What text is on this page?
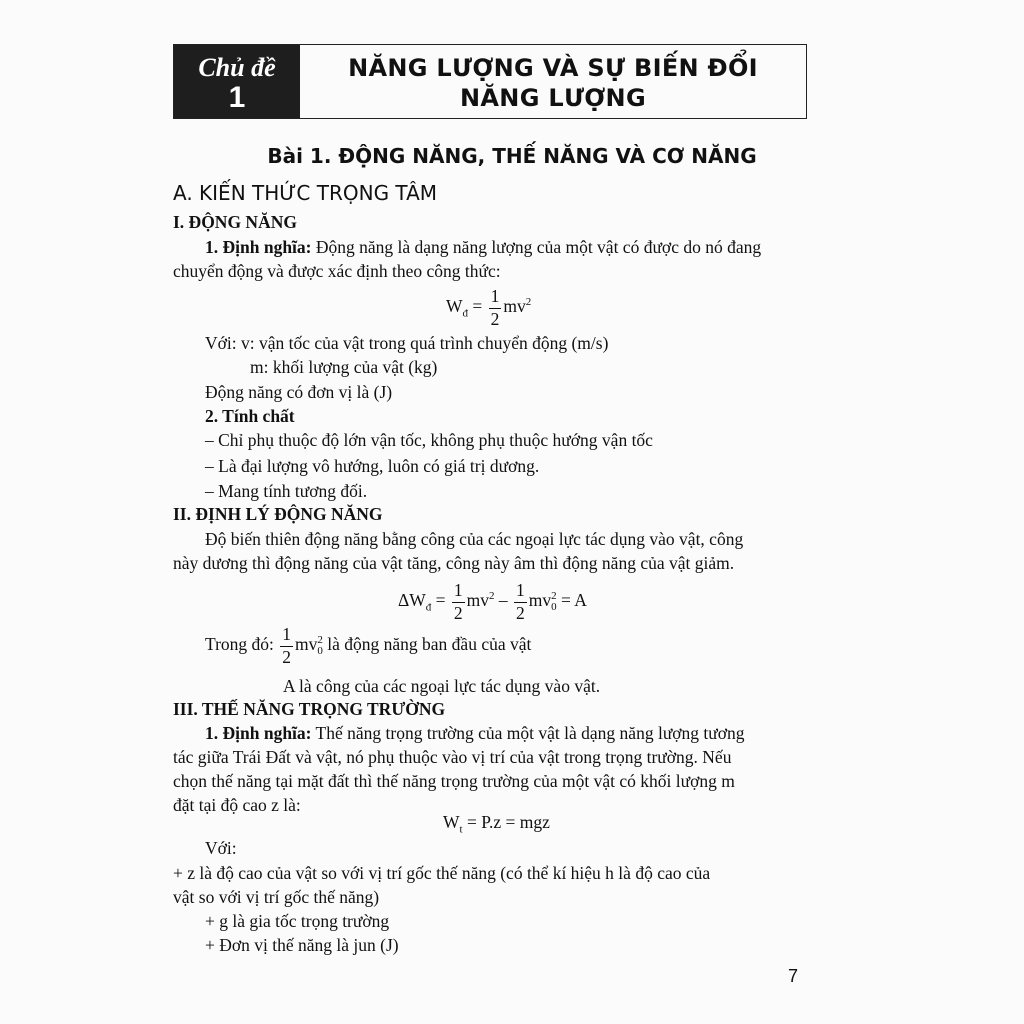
Chủ đề
1
NĂNG LƯỢNG VÀ SỰ BIẾN ĐỔI
NĂNG LƯỢNG
Bài 1. ĐỘNG NĂNG, THẾ NĂNG VÀ CƠ NĂNG
A. KIẾN THỨC TRỌNG TÂM
I. ĐỘNG NĂNG
1. Định nghĩa: Động năng là dạng năng lượng của một vật có được do nó đang
chuyển động và được xác định theo công thức:
$W_đ = \frac{1}{2} mv^2$
Với: v: vận tốc của vật trong quá trình chuyển động (m/s)
m: khối lượng của vật (kg)
Động năng có đơn vị là (J)
2. Tính chất
– Chỉ phụ thuộc độ lớn vận tốc, không phụ thuộc hướng vận tốc
– Là đại lượng vô hướng, luôn có giá trị dương.
– Mang tính tương đối.
II. ĐỊNH LÝ ĐỘNG NĂNG
Độ biến thiên động năng bằng công của các ngoại lực tác dụng vào vật, công
này dương thì động năng của vật tăng, công này âm thì động năng của vật giảm.
$\Delta W_đ = \frac{1}{2} mv^2 - \frac{1}{2}$ mv 2
0 = A
Trong đó: $\frac{1}{2}$ mv 2
0 là động năng ban đầu của vật
A là công của các ngoại lực tác dụng vào vật.
III. THẾ NĂNG TRỌNG TRƯỜNG
1. Định nghĩa: Thế năng trọng trường của một vật là dạng năng lượng tương
tác giữa Trái Đất và vật, nó phụ thuộc vào vị trí của vật trong trọng trường. Nếu
chọn thế năng tại mặt đất thì thế năng trọng trường của một vật có khối lượng m
đặt tại độ cao z là:
$W_t = P.z$ = mgz
Với:
+ z là độ cao của vật so với vị trí gốc thế năng (có thể kí hiệu h là độ cao của
vật so với vị trí gốc thế năng)
+ g là gia tốc trọng trường
+ Đơn vị thế năng là jun (J)
7
